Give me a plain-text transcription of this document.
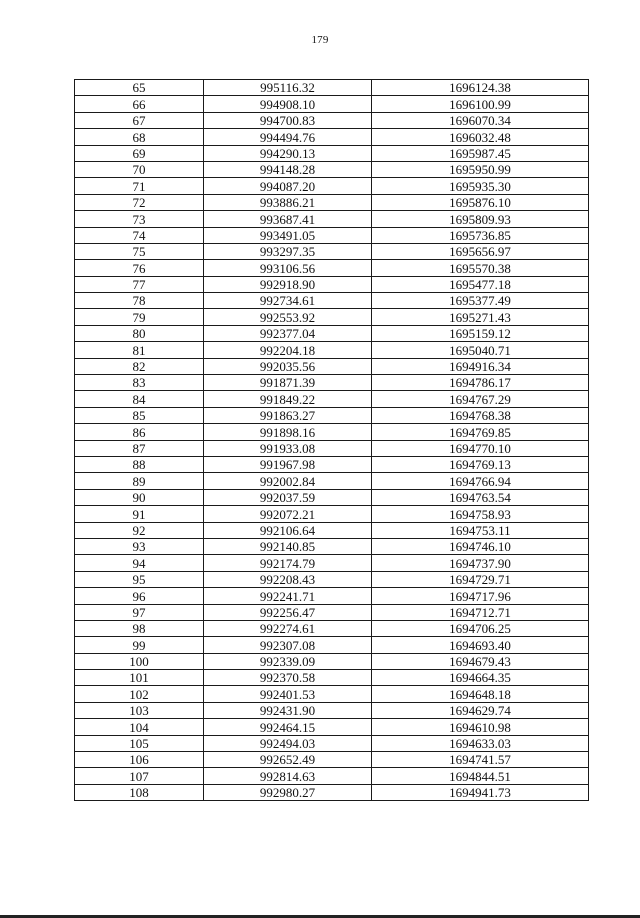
179
65	995116.32	1696124.38
66	994908.10	1696100.99
67	994700.83	1696070.34
68	994494.76	1696032.48
69	994290.13	1695987.45
70	994148.28	1695950.99
71	994087.20	1695935.30
72	993886.21	1695876.10
73	993687.41	1695809.93
74	993491.05	1695736.85
75	993297.35	1695656.97
76	993106.56	1695570.38
77	992918.90	1695477.18
78	992734.61	1695377.49
79	992553.92	1695271.43
80	992377.04	1695159.12
81	992204.18	1695040.71
82	992035.56	1694916.34
83	991871.39	1694786.17
84	991849.22	1694767.29
85	991863.27	1694768.38
86	991898.16	1694769.85
87	991933.08	1694770.10
88	991967.98	1694769.13
89	992002.84	1694766.94
90	992037.59	1694763.54
91	992072.21	1694758.93
92	992106.64	1694753.11
93	992140.85	1694746.10
94	992174.79	1694737.90
95	992208.43	1694729.71
96	992241.71	1694717.96
97	992256.47	1694712.71
98	992274.61	1694706.25
99	992307.08	1694693.40
100	992339.09	1694679.43
101	992370.58	1694664.35
102	992401.53	1694648.18
103	992431.90	1694629.74
104	992464.15	1694610.98
105	992494.03	1694633.03
106	992652.49	1694741.57
107	992814.63	1694844.51
108	992980.27	1694941.73
